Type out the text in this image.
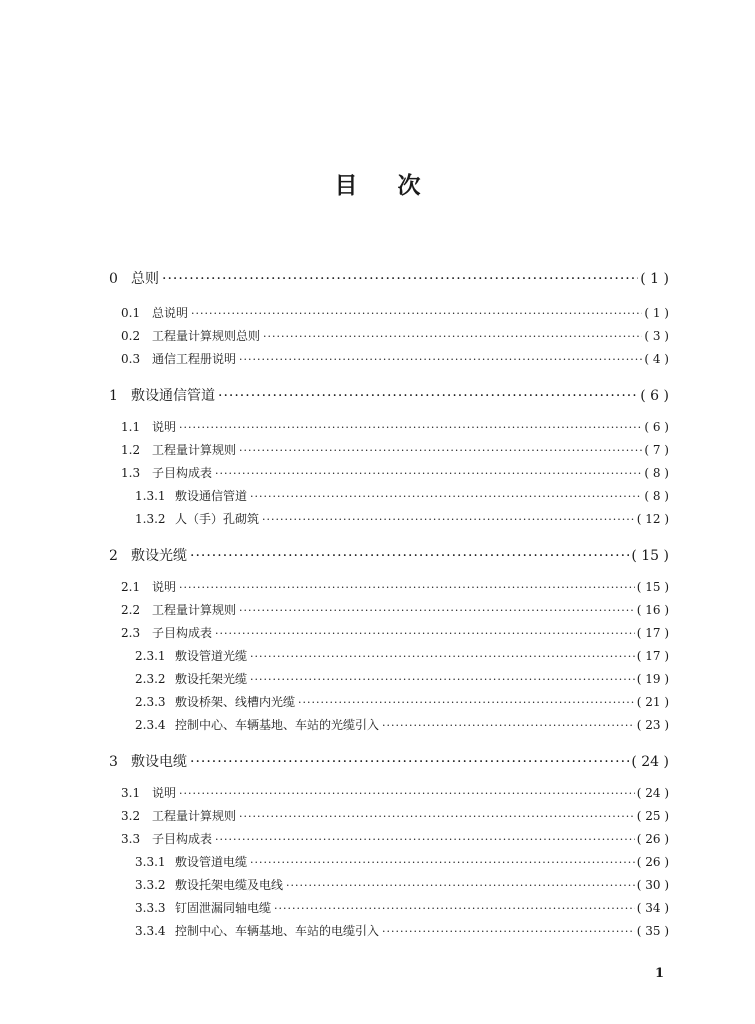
目 次
0 总则 ·····	( 1 )
0.1 总说明 ·····	( 1 )
0.2 工程量计算规则总则 ·····	( 3 )
0.3 通信工程册说明 ·····	( 4 )
1 敷设通信管道 ·····	( 6 )
1.1 说明 ·····	( 6 )
1.2 工程量计算规则 ·····	( 7 )
1.3 子目构成表 ·····	( 8 )
1.3.1 敷设通信管道 ·····	( 8 )
1.3.2 人（手）孔砌筑 ·····	( 12 )
2 敷设光缆 ·····	( 15 )
2.1 说明 ·····	( 15 )
2.2 工程量计算规则 ·····	( 16 )
2.3 子目构成表 ·····	( 17 )
2.3.1 敷设管道光缆 ·····	( 17 )
2.3.2 敷设托架光缆 ·····	( 19 )
2.3.3 敷设桥架、线槽内光缆 ·····	( 21 )
2.3.4 控制中心、车辆基地、车站的光缆引入 ·····	( 23 )
3 敷设电缆 ·····	( 24 )
3.1 说明 ·····	( 24 )
3.2 工程量计算规则 ·····	( 25 )
3.3 子目构成表 ·····	( 26 )
3.3.1 敷设管道电缆 ·····	( 26 )
3.3.2 敷设托架电缆及电线 ·····	( 30 )
3.3.3 钉固泄漏同轴电缆 ·····	( 34 )
3.3.4 控制中心、车辆基地、车站的电缆引入 ·····	( 35 )
1
